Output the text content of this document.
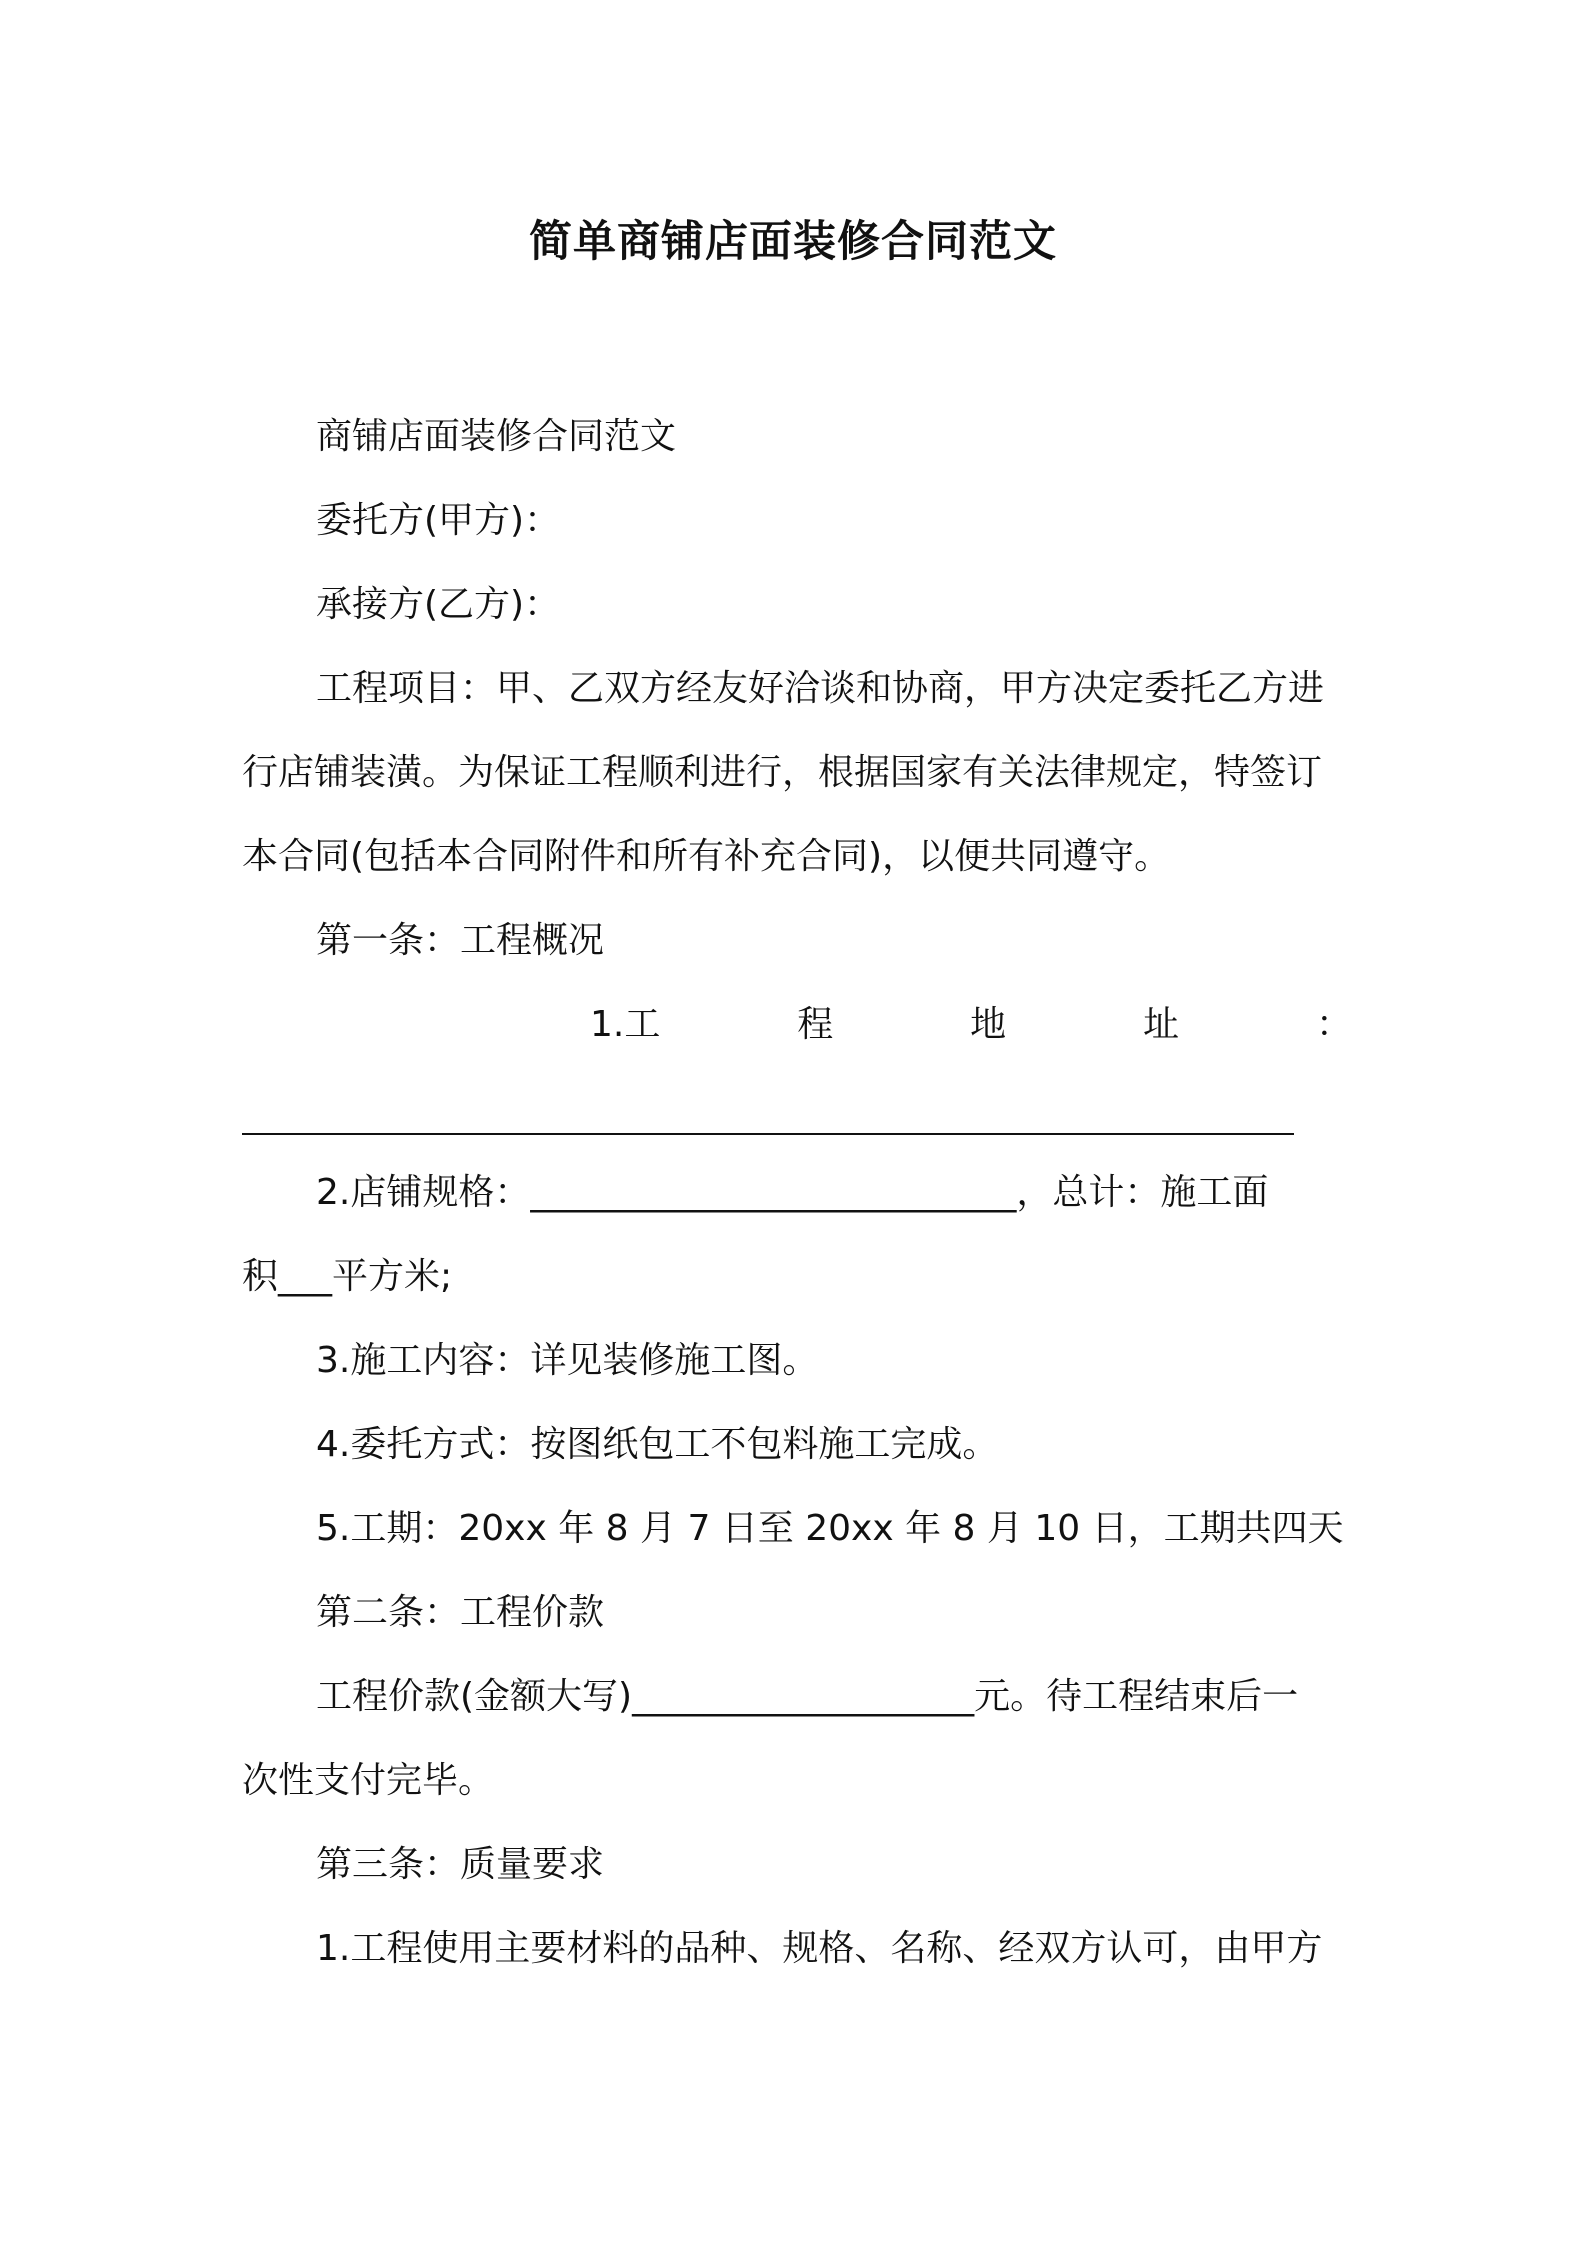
简单商铺店面装修合同范文
商铺店面装修合同范文
委托方(甲方)：
承接方(乙方)：
工程项目：甲、乙双方经友好洽谈和协商，甲方决定委托乙方进
行店铺装潢。为保证工程顺利进行，根据国家有关法律规定，特签订
本合同(包括本合同附件和所有补充合同)，以便共同遵守。
第一条：工程概况
1.工	程	地	址	：
2.店铺规格：___________________________，总计：施工面
积___平方米;
3.施工内容：详见装修施工图。
4.委托方式：按图纸包工不包料施工完成。
5.工期：20xx 年 8 月 7 日至 20xx 年 8 月 10 日，工期共四天
第二条：工程价款
工程价款(金额大写)___________________元。待工程结束后一
次性支付完毕。
第三条：质量要求
1.工程使用主要材料的品种、规格、名称、经双方认可，由甲方
